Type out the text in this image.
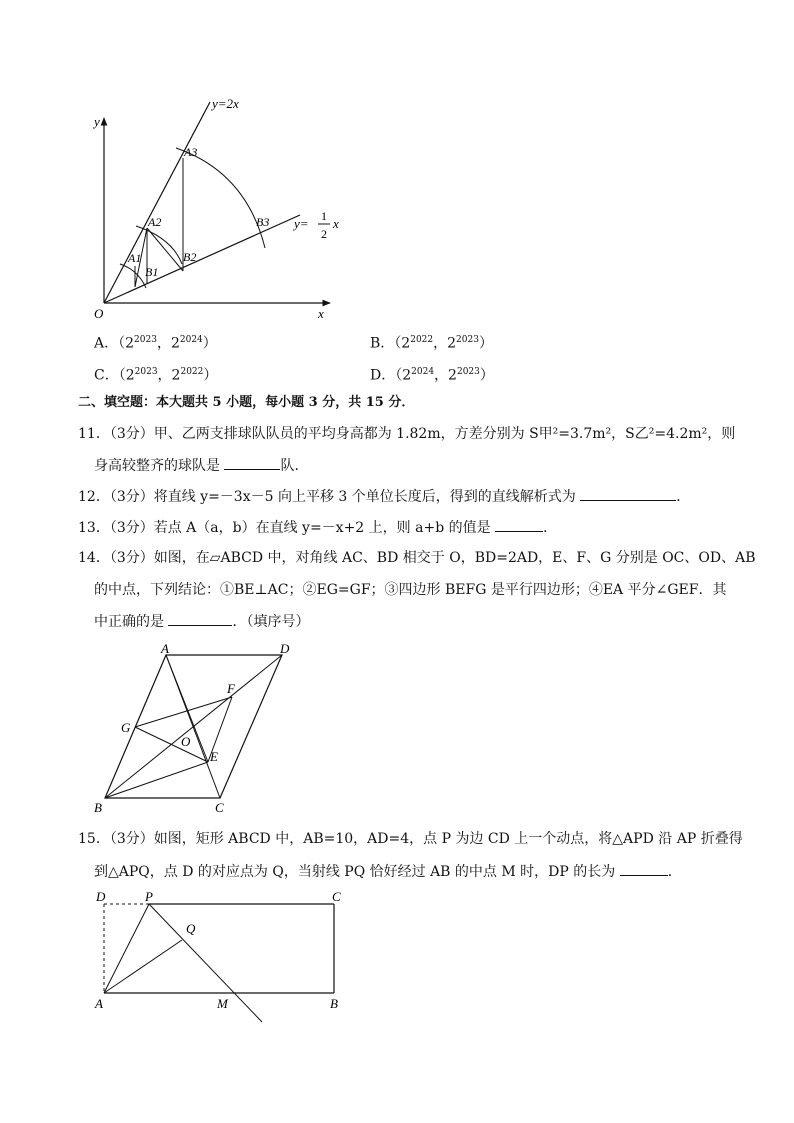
y=2x
y= 1
2
x
y
x
O
A1
A2
A3
B1
B2
B3
A．（$2^{2023}$，$2^{2024}$）	B．（$2^{2022}$，$2^{2023}$）
C．（$2^{2023}$，$2^{2022}$）	D．（$2^{2024}$，$2^{2023}$）
二、填空题：本大题共 5 小题，每小题 3 分，共 15 分．
11．（3分）甲、乙两支排球队队员的平均身高都为 1.82m，方差分别为 S甲²=3.7m²，S乙²=4.2m²，则
身高较整齐的球队是	队．
12．（3分）将直线 y=－3x－5 向上平移 3 个单位长度后，得到的直线解析式为	．
13．（3分）若点 A（a，b）在直线 y=－x+2 上，则 a+b 的值是	．
14．（3分）如图，在▱ABCD 中，对角线 AC、BD 相交于 O，BD=2AD，E、F、G 分别是 OC、OD、AB
的中点，下列结论：①BE⊥AC；②EG=GF；③四边形 BEFG 是平行四边形；④EA 平分∠GEF．其
中正确的是	．（填序号）
A	D
F
G
O
E
B	C
15．（3分）如图，矩形 ABCD 中，AB=10，AD=4，点 P 为边 CD 上一个动点，将△APD 沿 AP 折叠得
到△APQ，点 D 的对应点为 Q，当射线 PQ 恰好经过 AB 的中点 M 时，DP 的长为	．
D	P	C
Q
A	M	B
